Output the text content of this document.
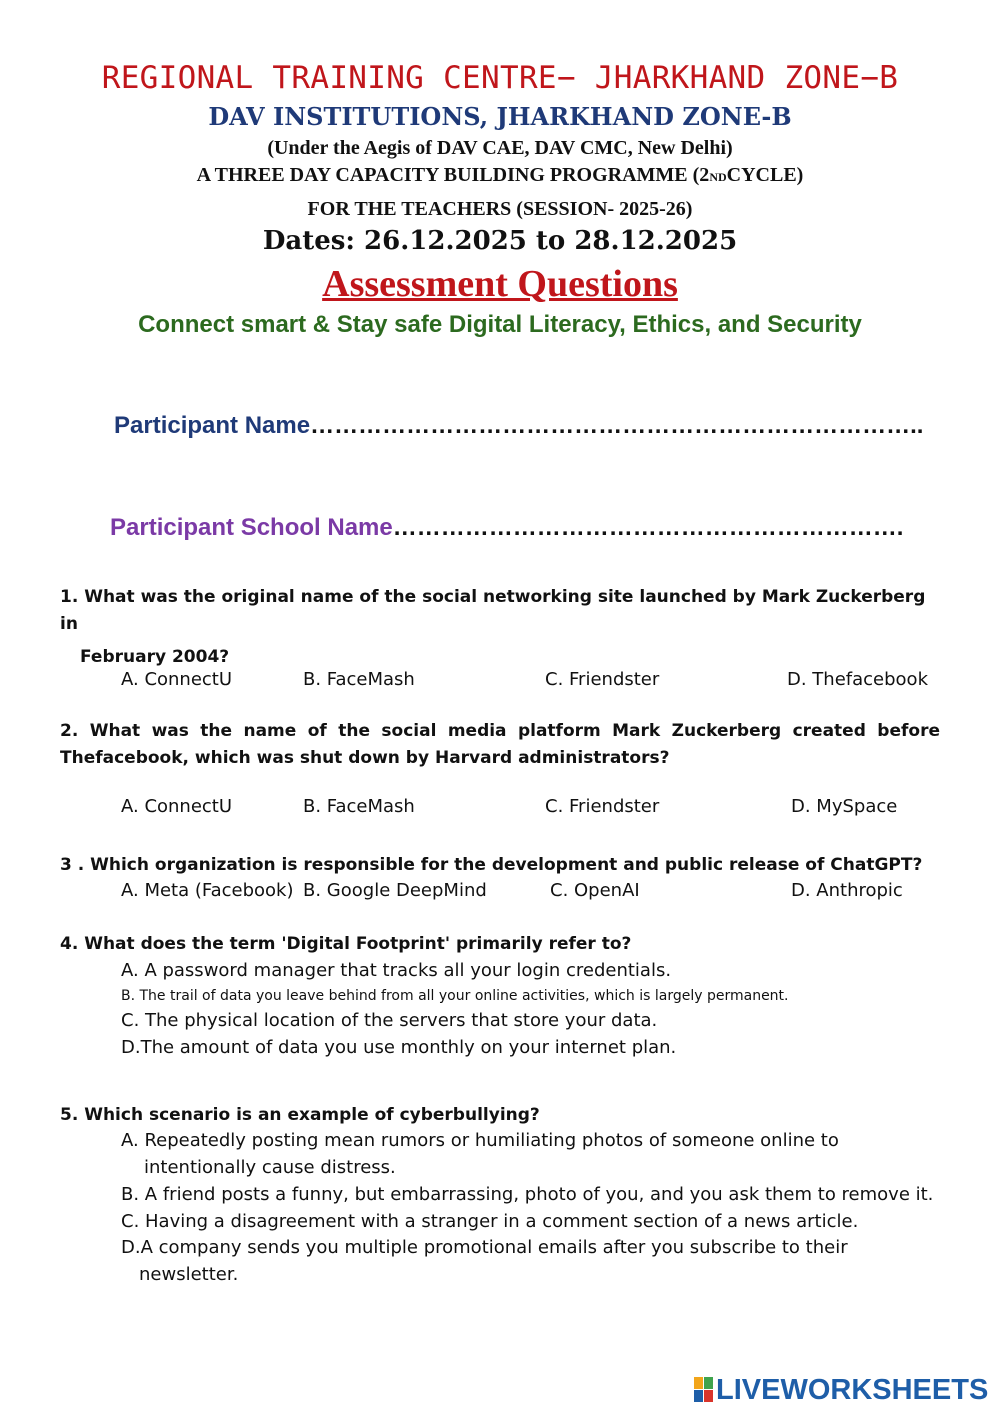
REGIONAL TRAINING CENTRE− JHARKHAND ZONE−B
DAV INSTITUTIONS, JHARKHAND ZONE-B
(Under the Aegis of DAV CAE, DAV CMC, New Delhi)
A THREE DAY CAPACITY BUILDING PROGRAMME (2NDCYCLE)
FOR THE TEACHERS (SESSION- 2025-26)
Dates: 26.12.2025 to 28.12.2025
Assessment Questions
Connect smart & Stay safe Digital Literacy, Ethics, and Security
Participant Name…………………………………………………………………..
Participant School Name……………………………………………………….
1. What was the original name of the social networking site launched by Mark Zuckerberg in
February 2004?
A. ConnectU	B. FaceMash	C. Friendster	D. Thefacebook
2. What was the name of the social media platform Mark Zuckerberg created before
Thefacebook, which was shut down by Harvard administrators?
A. ConnectU	B. FaceMash	C. Friendster	D. MySpace
3 . Which organization is responsible for the development and public release of ChatGPT?
A. Meta (Facebook) B. Google DeepMind	C. OpenAI	D. Anthropic
4. What does the term 'Digital Footprint' primarily refer to?
A. A password manager that tracks all your login credentials.
B. The trail of data you leave behind from all your online activities, which is largely permanent.
C. The physical location of the servers that store your data.
D.The amount of data you use monthly on your internet plan.
5. Which scenario is an example of cyberbullying?
A. Repeatedly posting mean rumors or humiliating photos of someone online to
intentionally cause distress.
B. A friend posts a funny, but embarrassing, photo of you, and you ask them to remove it.
C. Having a disagreement with a stranger in a comment section of a news article.
D.A company sends you multiple promotional emails after you subscribe to their
newsletter.
LIVEWORKSHEETS
